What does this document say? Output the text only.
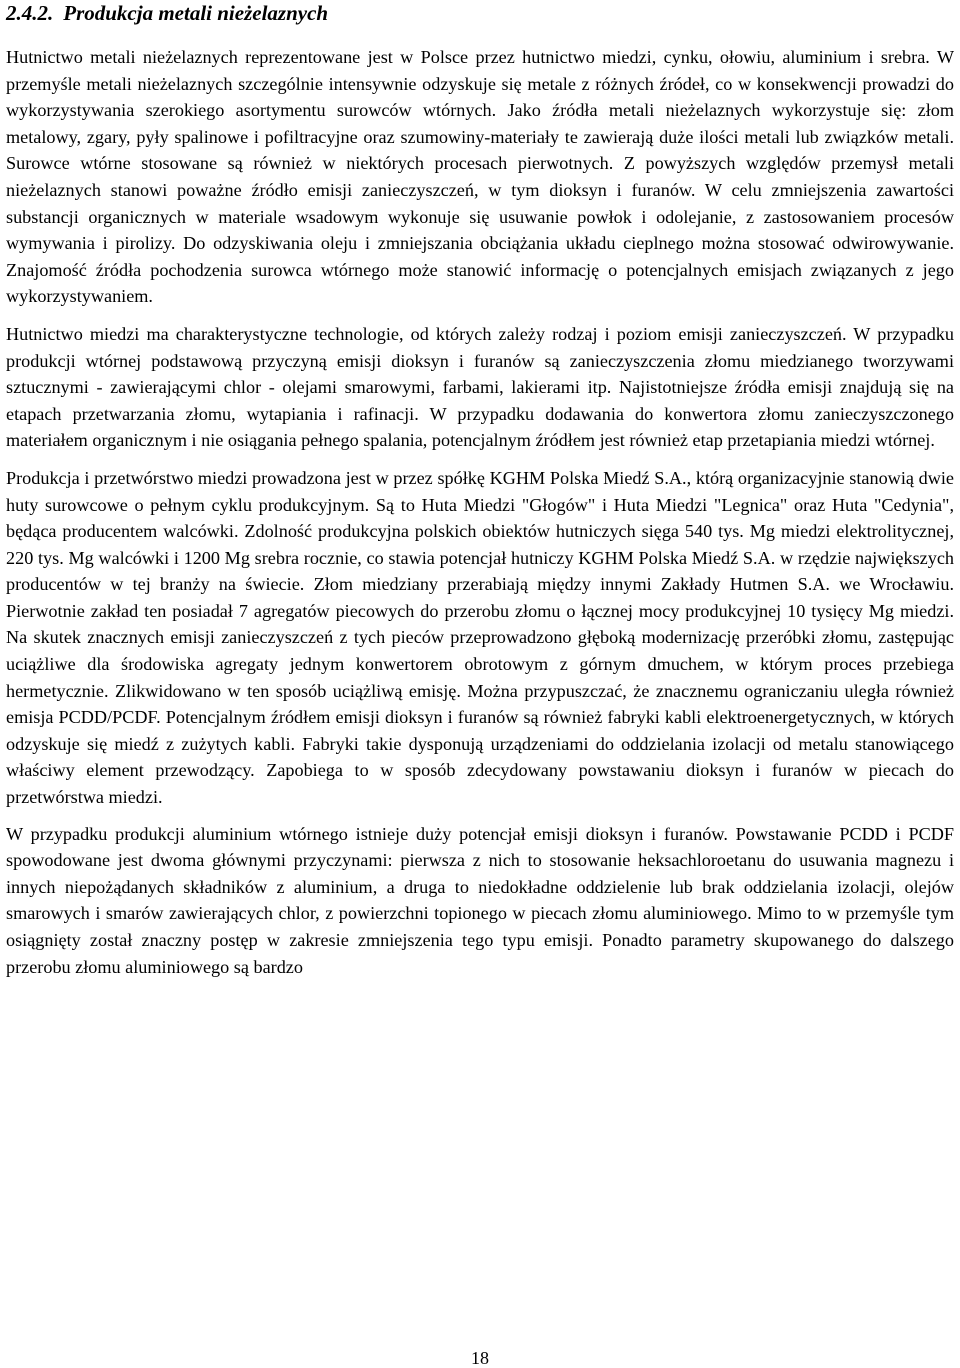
2.4.2. Produkcja metali nieżelaznych

Hutnictwo metali nieżelaznych reprezentowane jest w Polsce przez hutnictwo miedzi, cynku, ołowiu, aluminium i srebra. W przemyśle metali nieżelaznych szczególnie intensywnie odzyskuje się metale z różnych źródeł, co w konsekwencji prowadzi do wykorzystywania szerokiego asortymentu surowców wtórnych. Jako źródła metali nieżelaznych wykorzystuje się: złom metalowy, zgary, pyły spalinowe i pofiltracyjne oraz szumowiny-materiały te zawierają duże ilości metali lub związków metali. Surowce wtórne stosowane są również w niektórych procesach pierwotnych. Z powyższych względów przemysł metali nieżelaznych stanowi poważne źródło emisji zanieczyszczeń, w tym dioksyn i furanów. W celu zmniejszenia zawartości substancji organicznych w materiale wsadowym wykonuje się usuwanie powłok i odolejanie, z zastosowaniem procesów wymywania i pirolizy. Do odzyskiwania oleju i zmniejszania obciążania układu cieplnego można stosować odwirowywanie. Znajomość źródła pochodzenia surowca wtórnego może stanowić informację o potencjalnych emisjach związanych z jego wykorzystywaniem.

Hutnictwo miedzi ma charakterystyczne technologie, od których zależy rodzaj i poziom emisji zanieczyszczeń. W przypadku produkcji wtórnej podstawową przyczyną emisji dioksyn i furanów są zanieczyszczenia złomu miedzianego tworzywami sztucznymi - zawierającymi chlor - olejami smarowymi, farbami, lakierami itp. Najistotniejsze źródła emisji znajdują się na etapach przetwarzania złomu, wytapiania i rafinacji. W przypadku dodawania do konwertora złomu zanieczyszczonego materiałem organicznym i nie osiągania pełnego spalania, potencjalnym źródłem jest również etap przetapiania miedzi wtórnej.

Produkcja i przetwórstwo miedzi prowadzona jest w przez spółkę KGHM Polska Miedź S.A., którą organizacyjnie stanowią dwie huty surowcowe o pełnym cyklu produkcyjnym. Są to Huta Miedzi "Głogów" i Huta Miedzi "Legnica" oraz Huta "Cedynia", będąca producentem walcówki. Zdolność produkcyjna polskich obiektów hutniczych sięga 540 tys. Mg miedzi elektrolitycznej, 220 tys. Mg walcówki i 1200 Mg srebra rocznie, co stawia potencjał hutniczy KGHM Polska Miedź S.A. w rzędzie największych producentów w tej branży na świecie. Złom miedziany przerabiają między innymi Zakłady Hutmen S.A. we Wrocławiu. Pierwotnie zakład ten posiadał 7 agregatów piecowych do przerobu złomu o łącznej mocy produkcyjnej 10 tysięcy Mg miedzi. Na skutek znacznych emisji zanieczyszczeń z tych pieców przeprowadzono głęboką modernizację przeróbki złomu, zastępując uciążliwe dla środowiska agregaty jednym konwertorem obrotowym z górnym dmuchem, w którym proces przebiega hermetycznie. Zlikwidowano w ten sposób uciążliwą emisję. Można przypuszczać, że znacznemu ograniczaniu uległa również emisja PCDD/PCDF. Potencjalnym źródłem emisji dioksyn i furanów są również fabryki kabli elektroenergetycznych, w których odzyskuje się miedź z zużytych kabli. Fabryki takie dysponują urządzeniami do oddzielania izolacji od metalu stanowiącego właściwy element przewodzący. Zapobiega to w sposób zdecydowany powstawaniu dioksyn i furanów w piecach do przetwórstwa miedzi.

W przypadku produkcji aluminium wtórnego istnieje duży potencjał emisji dioksyn i furanów. Powstawanie PCDD i PCDF spowodowane jest dwoma głównymi przyczynami: pierwsza z nich to stosowanie heksachloroetanu do usuwania magnezu i innych niepożądanych składników z aluminium, a druga to niedokładne oddzielenie lub brak oddzielania izolacji, olejów smarowych i smarów zawierających chlor, z powierzchni topionego w piecach złomu aluminiowego. Mimo to w przemyśle tym osiągnięty został znaczny postęp w zakresie zmniejszenia tego typu emisji. Ponadto parametry skupowanego do dalszego przerobu złomu aluminiowego są bardzo

18
